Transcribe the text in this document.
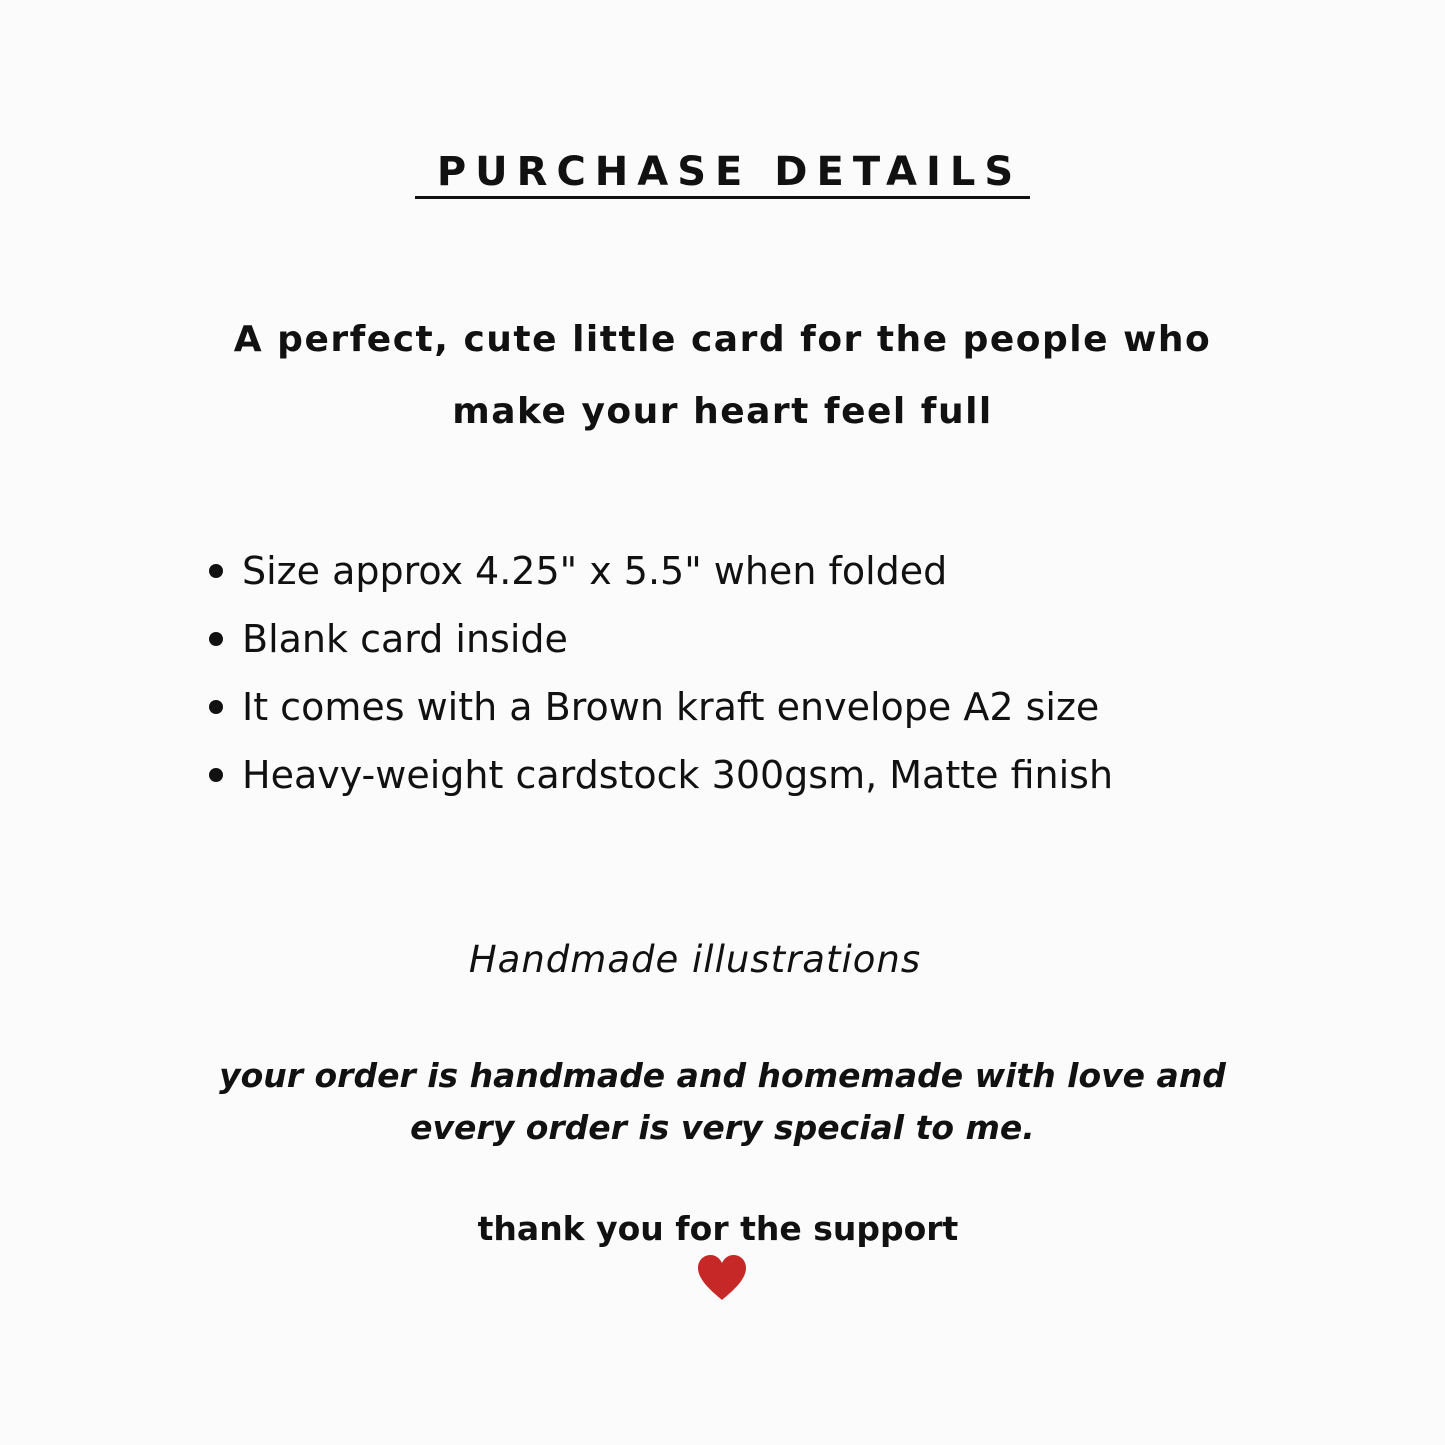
PURCHASE DETAILS
A perfect, cute little card for the people who
make your heart feel full
Size approx 4.25" x 5.5" when folded
Blank card inside
It comes with a Brown kraft envelope A2 size
Heavy-weight cardstock 300gsm, Matte finish
Handmade illustrations
your order is handmade and homemade with love and
every order is very special to me.
thank you for the support
